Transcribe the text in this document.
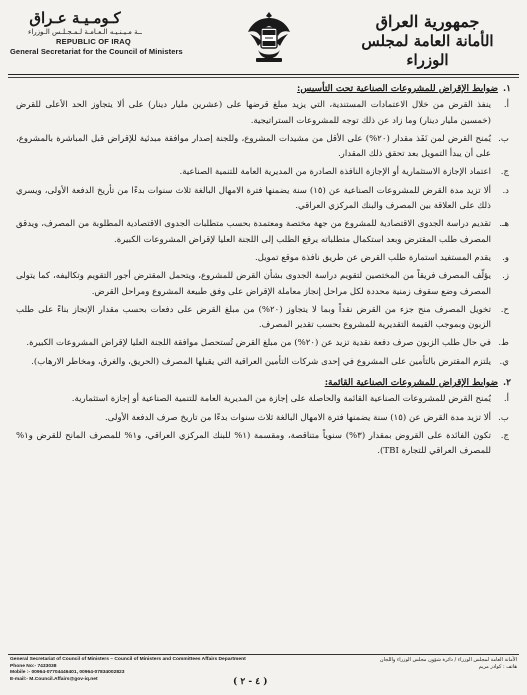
كـومـيـة عـراق
ــة مـيـنـيـه الـعـامـة لـمـجـلـس الـوزراء
REPUBLIC OF IRAQ
General Secretariat for the Council of Ministers
جمهورية العراق
الأمانة العامة لمجلس الوزراء
١.ضوابط الإقراض للمشروعات الصناعية تحت التأسيس:
أ.
ينفذ القرض من خلال الاعتمادات المستندية، التي يزيد مبلغ قرضها على (عشرين مليار دينار) على ألا يتجاوز الحد الأعلى للقرض (خمسين مليار دينار) وما زاد عن ذلك توجه للمشروعات الستراتيجية.
ب.
يُمنح القرض لمن نَفَذ مقدار (٢٠%) على الأقل من مشيدات المشروع، وللجنة إصدار موافقة مبدئية للإقراض قبل المباشرة بالمشروع، على أن يبدأ التمويل بعد تحقق ذلك المقدار.
ج.
اعتماد الإجازة الاستثمارية أو الإجازة النافذة الصادرة من المديرية العامة للتنمية الصناعية.
د.
ألا تزيد مدة القرض للمشروعات الصناعية عن (١٥) سنة يضمنها فترة الامهال البالغة ثلاث سنوات بدءًا من تأريخ الدفعة الأولى، ويسري ذلك على العلاقة بين المصرف والبنك المركزي العراقي.
هـ.
تقديم دراسة الجدوى الاقتصادية للمشروع من جهة مختصة ومعتمدة بحسب متطلبات الجدوى الاقتصادية المطلوبة من المصرف، ويدقق المصرف طلب المقترض وبعد استكمال متطلباته يرفع الطلب إلى اللجنة العليا لإقراض المشروعات الكبيرة.
و.
يقدم المستفيد استمارة طلب القرض عن طريق نافذة موقع تمويل.
ز.
يؤلّف المصرف فريقاً من المختصين لتقويم دراسة الجدوى بشأن القرض للمشروع، ويتحمل المقترض أجور التقويم وتكاليفه، كما يتولى المصرف وضع سقوف زمنية محددة لكل مراحل إنجاز معاملة الإقراض على وفق طبيعة المشروع ومراحل القرض.
ح.
تخويل المصرف منح جزء من القرض نقداً وبما لا يتجاوز (٢٠%) من مبلغ القرض على دفعات بحسب مقدار الإنجاز بناءً على طلب الزبون وبموجب القيمة التقديرية للمشروع بحسب تقدير المصرف.
ط.
في حال طلب الزبون صرف دفعة نقدية تزيد عن (٢٠%) من مبلغ القرض تُستحصل موافقة اللجنة العليا لإقراض المشروعات الكبيرة.
ي.
يلتزم المقترض بالتأمين على المشروع في إحدى شركات التأمين العراقية التي يقبلها المصرف (الحريق، والغرق، ومخاطر الارهاب).
٢.ضوابط الإقراض للمشروعات الصناعية القائمة:
أ.
يُمنح القرض للمشروعات الصناعية القائمة والحاصلة على إجازة من المديرية العامة للتنمية الصناعية أو إجازة استثمارية.
ب.
ألا تزيد مدة القرض عن (١٥) سنة يضمنها فترة الامهال البالغة ثلاث سنوات بدءًا من تاريخ صرف الدفعة الأولى.
ج.
تكون الفائدة على القروض بمقدار (٣%) سنوياً متناقصة، ومقسمة (١% للبنك المركزي العراقي، و١% للمصرف المانح للقرض و١% للمصرف العراقي للتجارة TBI).
General Secretariat of Council of Ministers – Council of Ministers and Committees Affairs Department
Phone No:- 7433038
Mobile :- 00964-07704446401, 00964-07834002823
E-mail:- M.Council.Affairs@gov-iq.net
الأمانة العامة لمجلس الوزراء / دائرة شؤون مجلس الوزراء واللجان
هاتف : كوادر مريم
( ٤ - ٢ )
